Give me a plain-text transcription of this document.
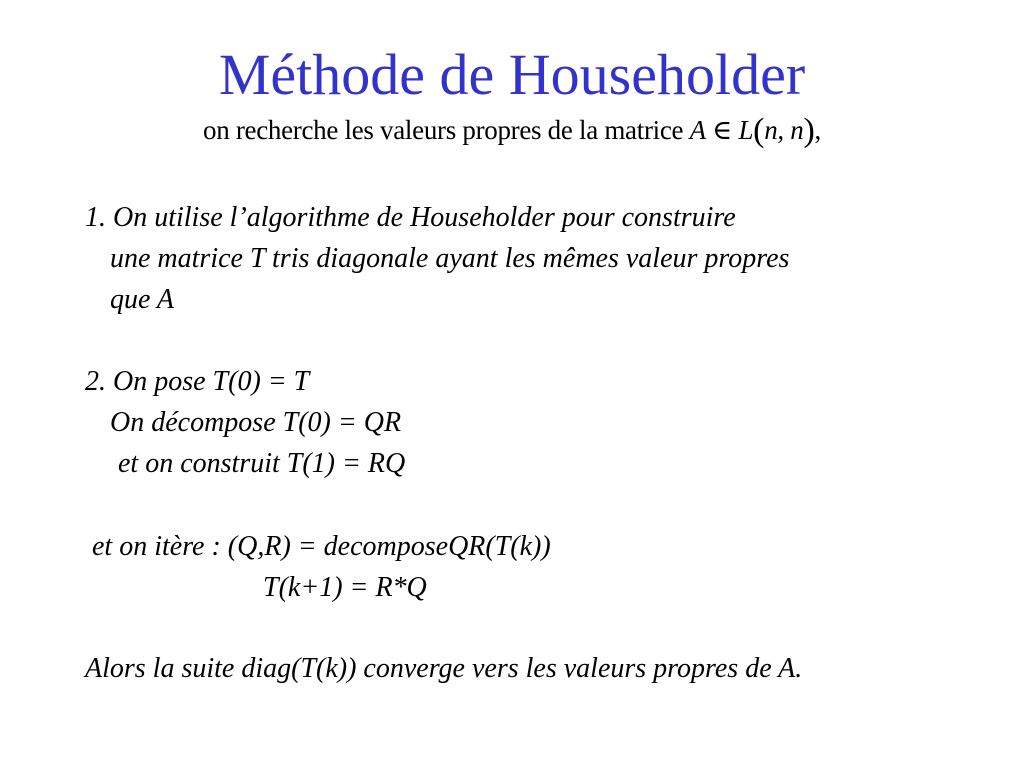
Méthode de Householder
on recherche les valeurs propres de la matrice A ∈ L(n, n),
1. On utilise l’algorithme de Householder pour construire
une matrice T tris diagonale ayant les mêmes valeur propres
que A
2. On pose T(0) = T
On décompose T(0) = QR
et on construit T(1) = RQ
et on itère : (Q,R) = decomposeQR(T(k))
T(k+1) = R*Q
Alors la suite diag(T(k)) converge vers les valeurs propres de A.
